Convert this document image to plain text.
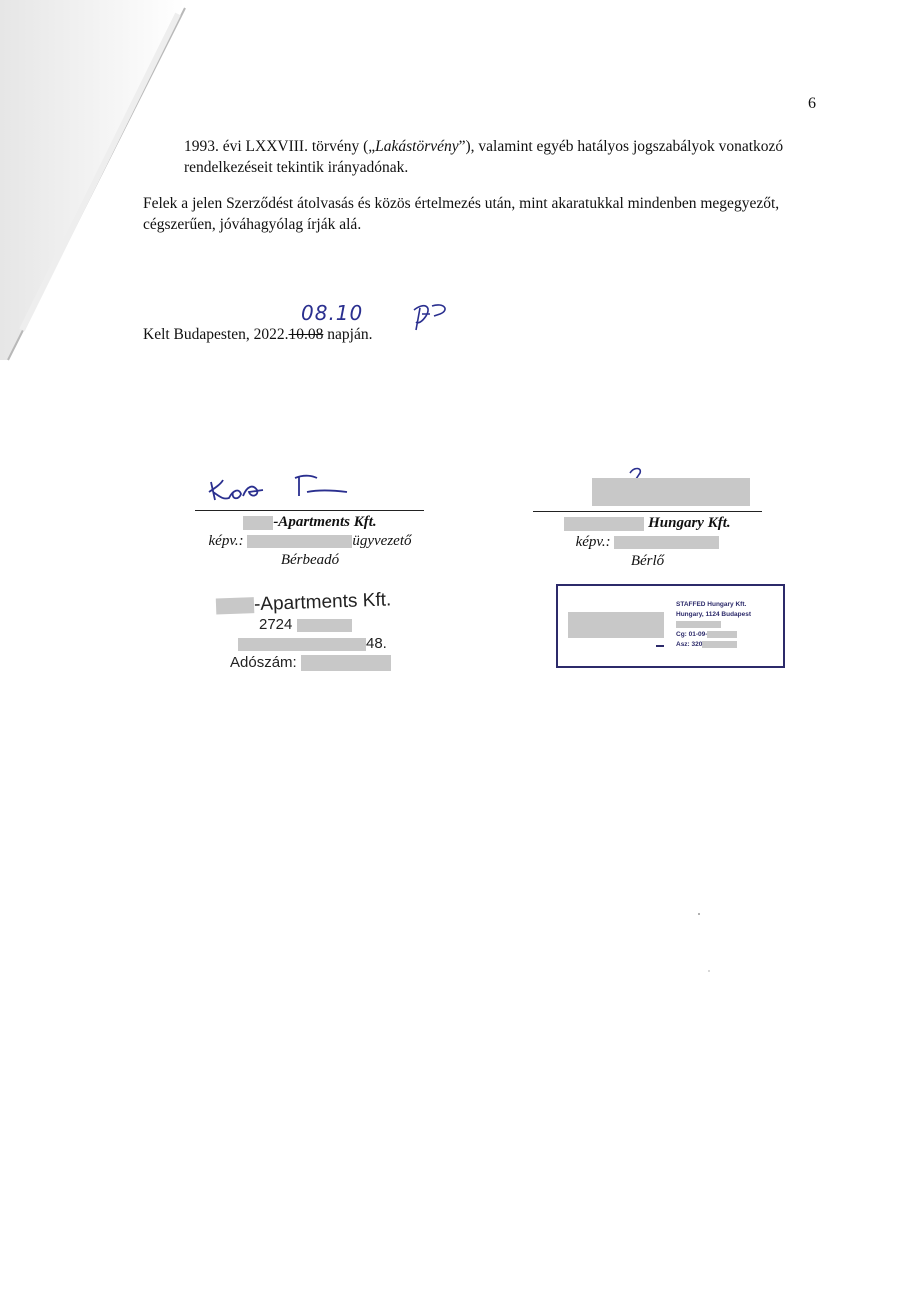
6
1993. évi LXXVIII. törvény („Lakástörvény”), valamint egyéb hatályos jogszabályok vonatkozó rendelkezéseit tekintik irányadónak.
Felek a jelen Szerződést átolvasás és közös értelmezés után, mint akaratukkal mindenben megegyezőt, cégszerűen, jóváhagyólag írják alá.
Kelt Budapesten, 2022.10.08 napján.
08.10
-Apartments Kft.
képv.:	ügyvezető
Bérbeadó
Hungary Kft.
képv.:
Bérlő
-Apartments Kft.
2724
48.
Adószám:
STAFFED Hungary Kft.
Hungary, 1124 Budapest
Cg: 01-09-
Asz: 320
